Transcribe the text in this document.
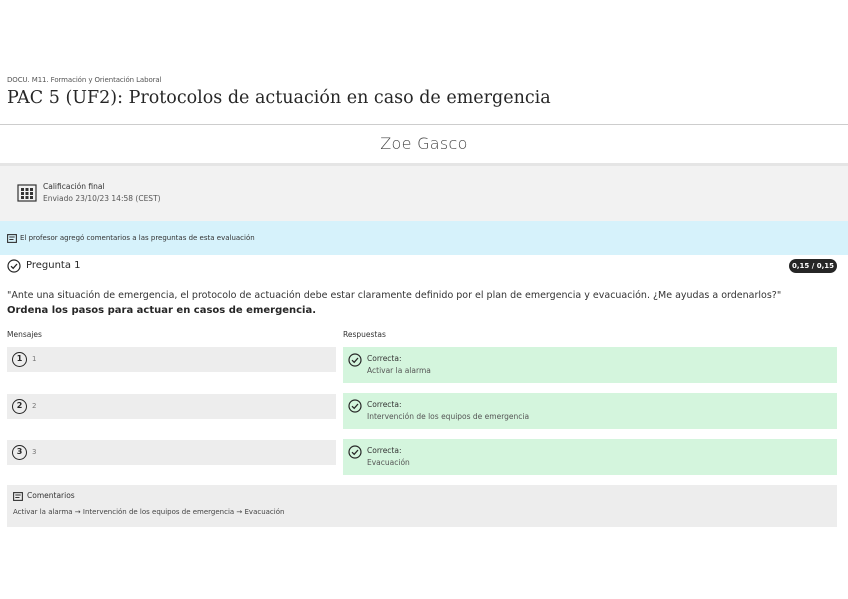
DOCU. M11. Formación y Orientación Laboral
PAC 5 (UF2): Protocolos de actuación en caso de emergencia
Zoe Gasco
Calificación final
Enviado 23/10/23 14:58 (CEST)
El profesor agregó comentarios a las preguntas de esta evaluación
Pregunta 1	0,15 / 0,15
"Ante una situación de emergencia, el protocolo de actuación debe estar claramente definido por el plan de emergencia y evacuación. ¿Me ayudas a ordenarlos?"
Ordena los pasos para actuar en casos de emergencia.
Mensajes	Respuestas
1	1	Correcta:
Activar la alarma
2	2	Correcta:
Intervención de los equipos de emergencia
3	3	Correcta:
Evacuación
Comentarios
Activar la alarma → Intervención de los equipos de emergencia → Evacuación
